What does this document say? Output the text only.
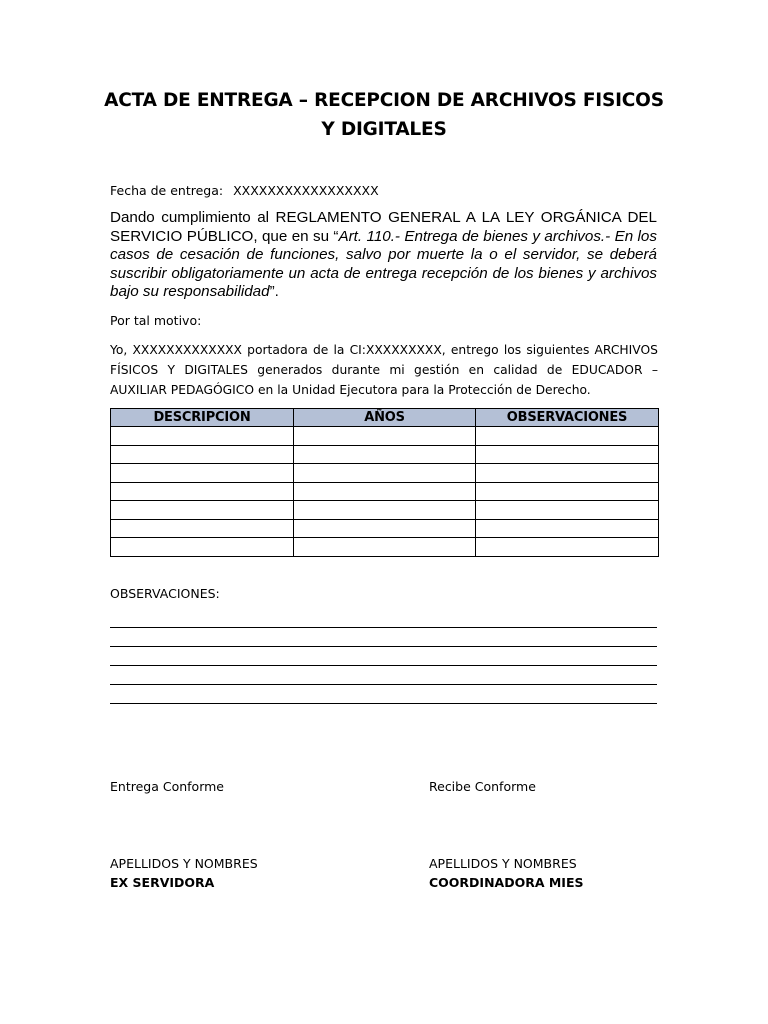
ACTA DE ENTREGA – RECEPCION DE ARCHIVOS FISICOS Y DIGITALES
Fecha de entrega: XXXXXXXXXXXXXXXXX
Dando cumplimiento al REGLAMENTO GENERAL A LA LEY ORGÁNICA DEL SERVICIO PÚBLICO, que en su “Art. 110.- Entrega de bienes y archivos.- En los casos de cesación de funciones, salvo por muerte la o el servidor, se deberá suscribir obligatoriamente un acta de entrega recepción de los bienes y archivos bajo su responsabilidad”.
Por tal motivo:
Yo, XXXXXXXXXXXXX portadora de la CI:XXXXXXXXX, entrego los siguientes ARCHIVOS FÍSICOS Y DIGITALES generados durante mi gestión en calidad de EDUCADOR – AUXILIAR PEDAGÓGICO en la Unidad Ejecutora para la Protección de Derecho.
DESCRIPCION	AÑOS	OBSERVACIONES

OBSERVACIONES:
Entrega Conforme	Recibe Conforme
APELLIDOS Y NOMBRES	APELLIDOS Y NOMBRES
EX SERVIDORA	COORDINADORA MIES
